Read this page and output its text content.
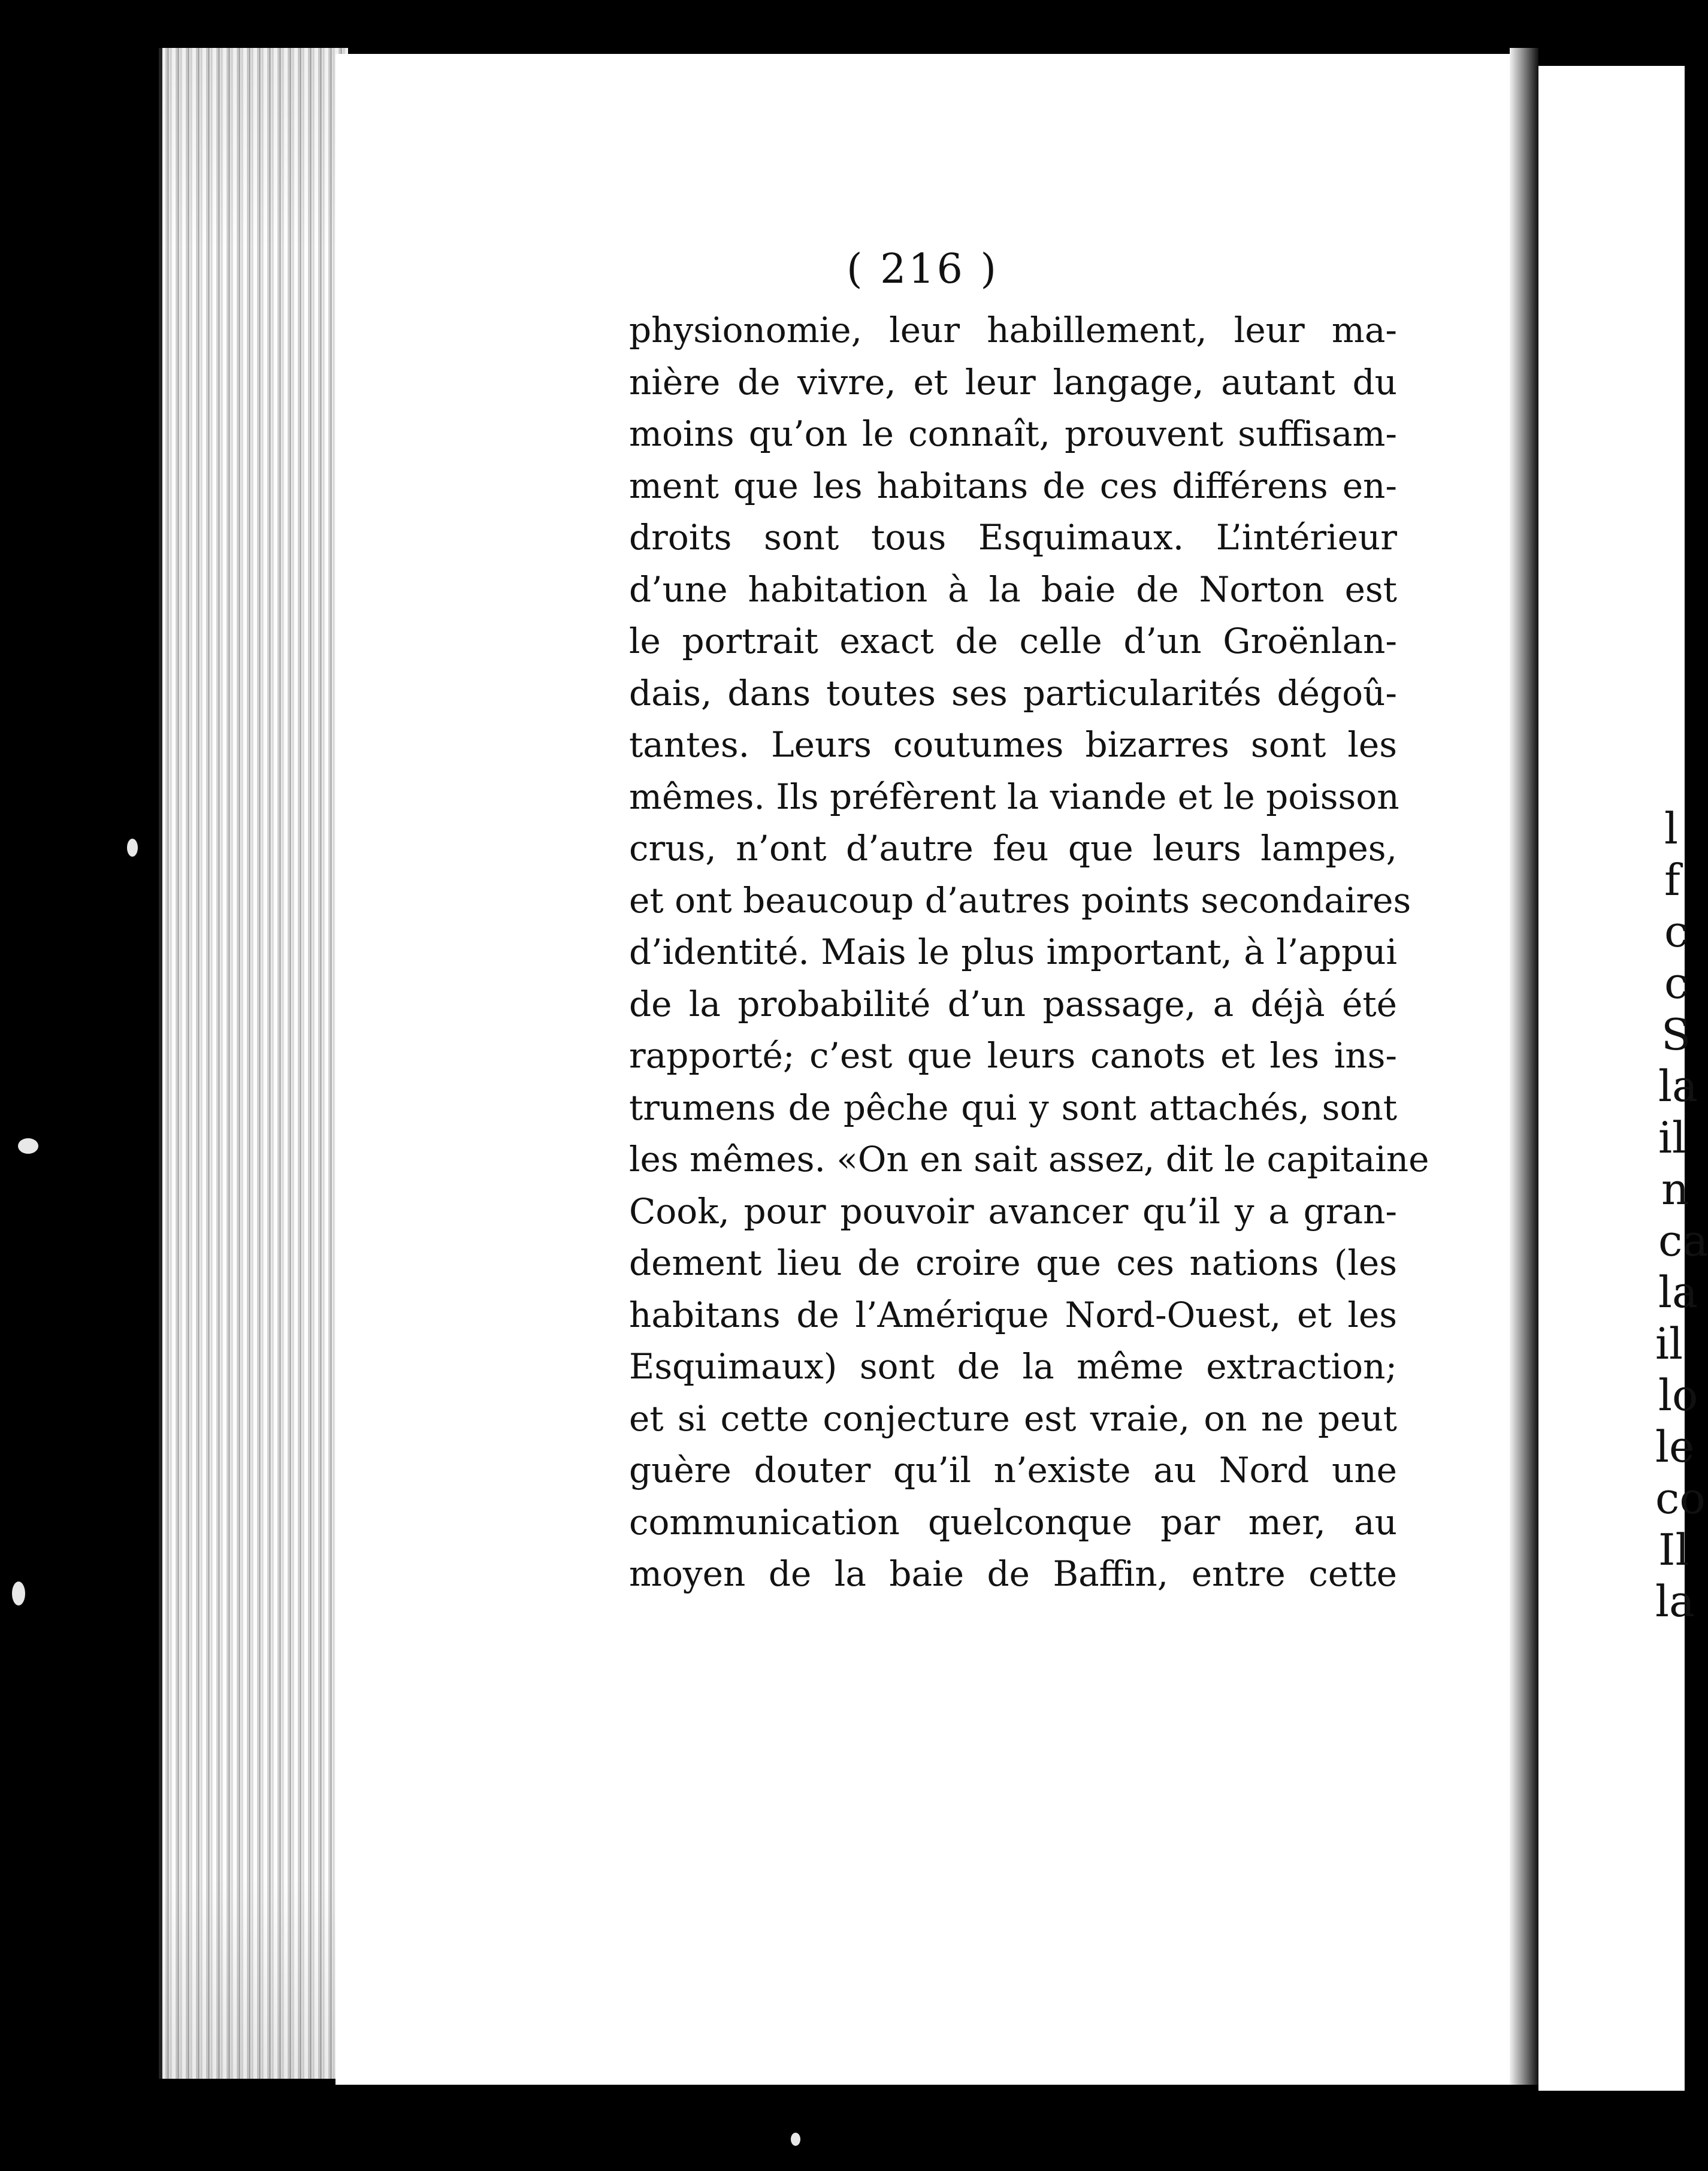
( 216 )
physionomie, leur habillement, leur ma-
nière de vivre, et leur langage, autant du
moins qu’on le connaît, prouvent suffisam-
ment que les habitans de ces différens en-
droits sont tous Esquimaux. L’intérieur
d’une habitation à la baie de Norton est
le portrait exact de celle d’un Groënlan-
dais, dans toutes ses particularités dégoû-
tantes. Leurs coutumes bizarres sont les
mêmes. Ils préfèrent la viande et le poisson
crus, n’ont d’autre feu que leurs lampes,
et ont beaucoup d’autres points secondaires
d’identité. Mais le plus important, à l’appui
de la probabilité d’un passage, a déjà été
rapporté; c’est que leurs canots et les ins-
trumens de pêche qui y sont attachés, sont
les mêmes. «On en sait assez, dit le capitaine
Cook, pour pouvoir avancer qu’il y a gran-
dement lieu de croire que ces nations (les
habitans de l’Amérique Nord-Ouest, et les
Esquimaux) sont de la même extraction;
et si cette conjecture est vraie, on ne peut
guère douter qu’il n’existe au Nord une
communication quelconque par mer, au
moyen de la baie de Baffin, entre cette
l
f
c
c
S
la
il
n
ca
la
il
lo
le
co
Il
la
